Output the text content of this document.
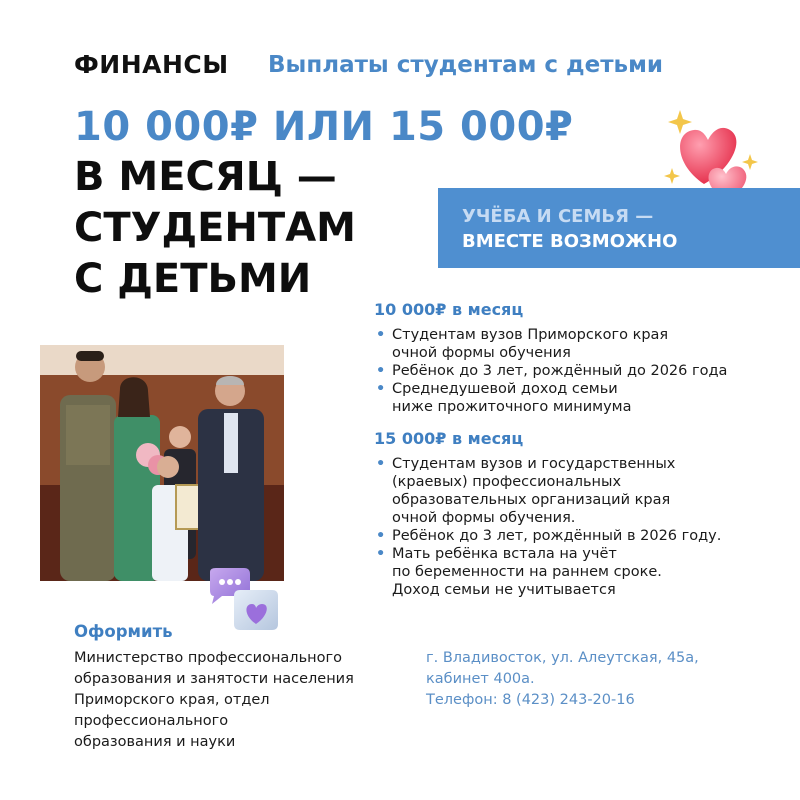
ФИНАНСЫ Выплаты студентам с детьми
10 000₽ ИЛИ 15 000₽
В МЕСЯЦ —
СТУДЕНТАМ
С ДЕТЬМИ
УЧЁБА И СЕМЬЯ —
ВМЕСТЕ ВОЗМОЖНО
10 000₽ в месяц
• Студентам вузов Приморского края
очной формы обучения
• Ребёнок до 3 лет, рождённый до 2026 года
• Среднедушевой доход семьи
ниже прожиточного минимума
15 000₽ в месяц
• Студентам вузов и государственных
(краевых) профессиональных
образовательных организаций края
очной формы обучения.
• Ребёнок до 3 лет, рождённый в 2026 году.
• Мать ребёнка встала на учёт
по беременности на раннем сроке.
Доход семьи не учитывается
Оформить
Министерство профессионального
образования и занятости населения
Приморского края, отдел
профессионального
образования и науки
г. Владивосток, ул. Алеутская, 45а,
кабинет 400а.
Телефон: 8 (423) 243-20-16
